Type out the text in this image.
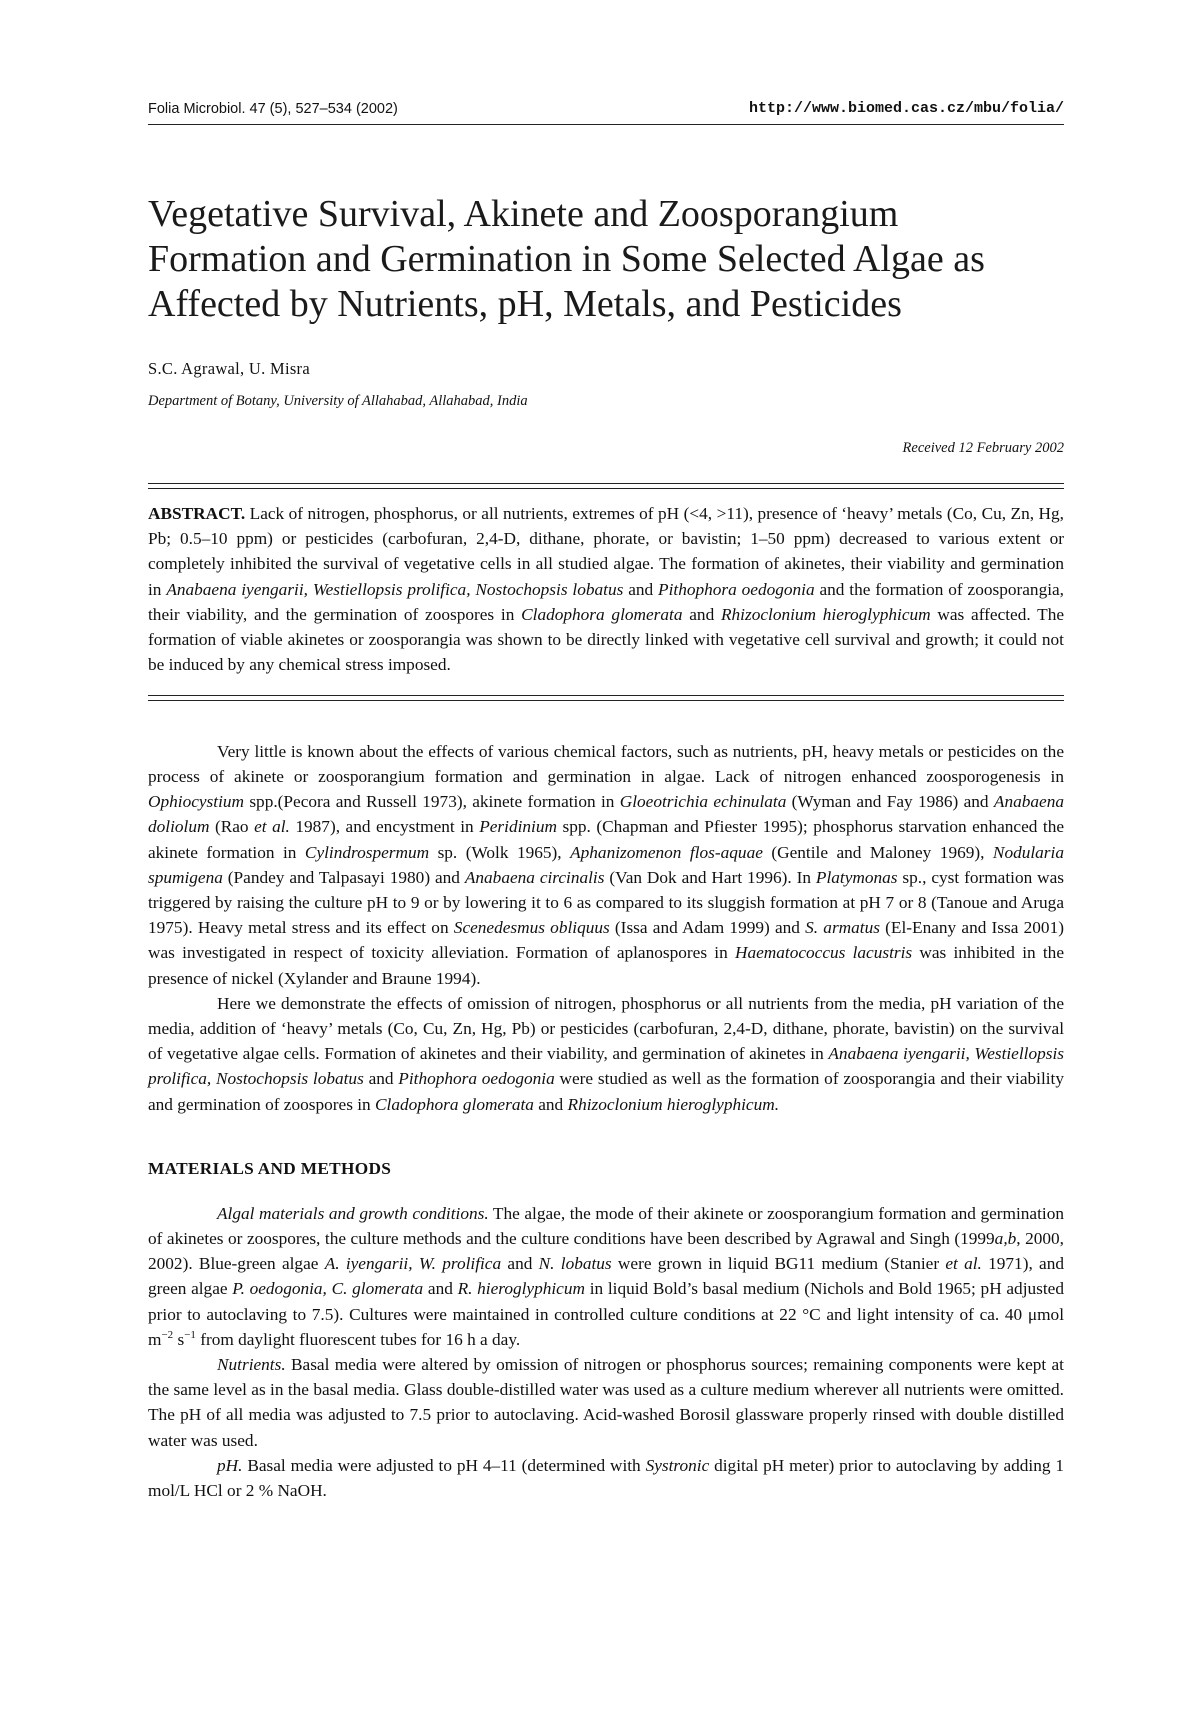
Folia Microbiol. 47 (5), 527–534 (2002)	http://www.biomed.cas.cz/mbu/folia/
Vegetative Survival, Akinete and Zoosporangium Formation and Germination in Some Selected Algae as Affected by Nutrients, pH, Metals, and Pesticides
S.C. Agrawal, U. Misra
Department of Botany, University of Allahabad, Allahabad, India
Received 12 February 2002

ABSTRACT. Lack of nitrogen, phosphorus, or all nutrients, extremes of pH (<4, >11), presence of ‘heavy’ metals (Co, Cu, Zn, Hg, Pb; 0.5–10 ppm) or pesticides (carbofuran, 2,4-D, dithane, phorate, or bavistin; 1–50 ppm) decreased to various extent or completely inhibited the survival of vegetative cells in all studied algae. The formation of akinetes, their viability and germination in Anabaena iyengarii, Westiellopsis prolifica, Nostochopsis lobatus and Pithophora oedogonia and the formation of zoosporangia, their viability, and the germination of zoospores in Cladophora glomerata and Rhizoclonium hieroglyphicum was affected. The formation of viable akinetes or zoosporangia was shown to be directly linked with vegetative cell survival and growth; it could not be induced by any chemical stress imposed.

Very little is known about the effects of various chemical factors, such as nutrients, pH, heavy metals or pesticides on the process of akinete or zoosporangium formation and germination in algae. Lack of nitrogen enhanced zoosporogenesis in Ophiocystium spp.(Pecora and Russell 1973), akinete formation in Gloeotrichia echinulata (Wyman and Fay 1986) and Anabaena doliolum (Rao et al. 1987), and encystment in Peridinium spp. (Chapman and Pfiester 1995); phosphorus starvation enhanced the akinete formation in Cylindrospermum sp. (Wolk 1965), Aphanizomenon flos-aquae (Gentile and Maloney 1969), Nodularia spumigena (Pandey and Talpasayi 1980) and Anabaena circinalis (Van Dok and Hart 1996). In Platymonas sp., cyst formation was triggered by raising the culture pH to 9 or by lowering it to 6 as compared to its sluggish formation at pH 7 or 8 (Tanoue and Aruga 1975). Heavy metal stress and its effect on Scenedesmus obliquus (Issa and Adam 1999) and S. armatus (El-Enany and Issa 2001) was investigated in respect of toxicity alleviation. Formation of aplanospores in Haematococcus lacustris was inhibited in the presence of nickel (Xylander and Braune 1994).

Here we demonstrate the effects of omission of nitrogen, phosphorus or all nutrients from the media, pH variation of the media, addition of ‘heavy’ metals (Co, Cu, Zn, Hg, Pb) or pesticides (carbofuran, 2,4-D, dithane, phorate, bavistin) on the survival of vegetative algae cells. Formation of akinetes and their viability, and germination of akinetes in Anabaena iyengarii, Westiellopsis prolifica, Nostochopsis lobatus and Pithophora oedogonia were studied as well as the formation of zoosporangia and their viability and germination of zoospores in Cladophora glomerata and Rhizoclonium hieroglyphicum.

MATERIALS AND METHODS

Algal materials and growth conditions. The algae, the mode of their akinete or zoosporangium formation and germination of akinetes or zoospores, the culture methods and the culture conditions have been described by Agrawal and Singh (1999a,b, 2000, 2002). Blue-green algae A. iyengarii, W. prolifica and N. lobatus were grown in liquid BG11 medium (Stanier et al. 1971), and green algae P. oedogonia, C. glomerata and R. hieroglyphicum in liquid Bold’s basal medium (Nichols and Bold 1965; pH adjusted prior to autoclaving to 7.5). Cultures were maintained in controlled culture conditions at 22 °C and light intensity of ca. 40 μmol $m^{-2}$ $s^{-1}$ from daylight fluorescent tubes for 16 h a day.

Nutrients. Basal media were altered by omission of nitrogen or phosphorus sources; remaining components were kept at the same level as in the basal media. Glass double-distilled water was used as a culture medium wherever all nutrients were omitted. The pH of all media was adjusted to 7.5 prior to autoclaving. Acid-washed Borosil glassware properly rinsed with double distilled water was used.

pH. Basal media were adjusted to pH 4–11 (determined with Systronic digital pH meter) prior to autoclaving by adding 1 mol/L HCl or 2 % NaOH.
